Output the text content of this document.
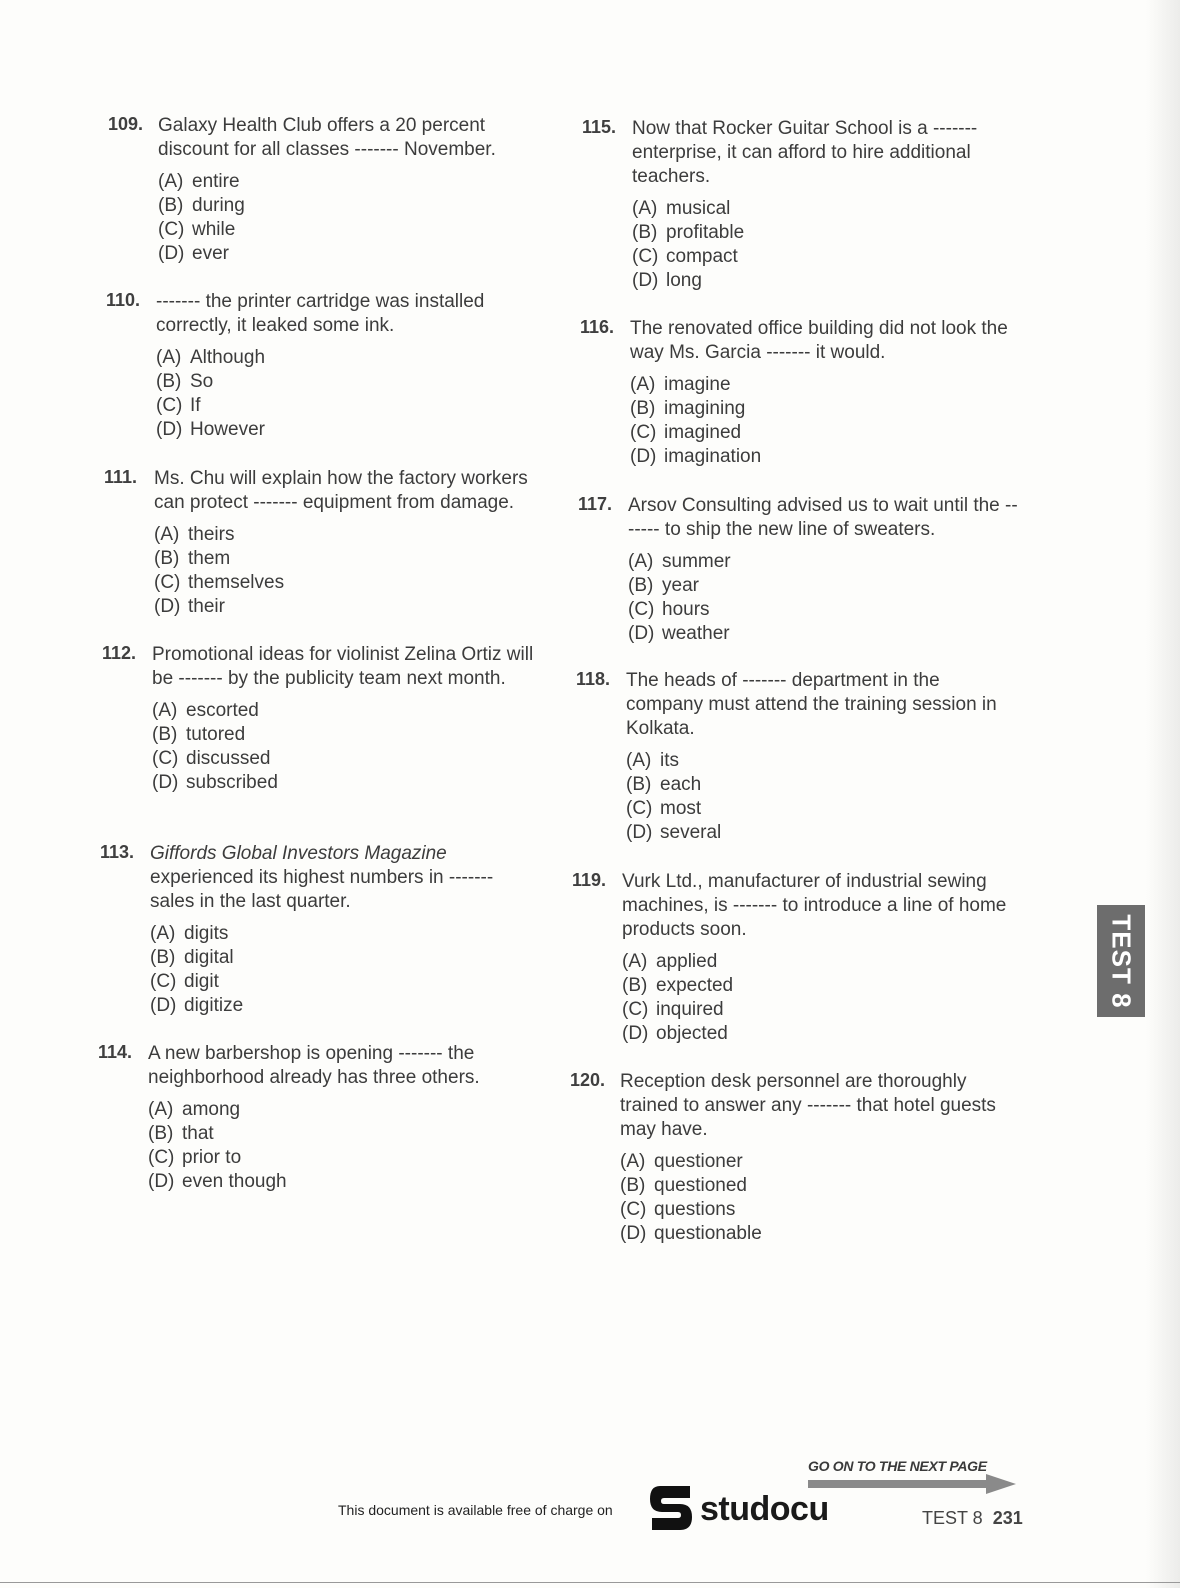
109. Galaxy Health Club offers a 20 percent discount for all classes ------- November.
(A) entire
(B) during
(C) while
(D) ever
110. ------- the printer cartridge was installed correctly, it leaked some ink.
(A) Although
(B) So
(C) If
(D) However
111. Ms. Chu will explain how the factory workers can protect ------- equipment from damage.
(A) theirs
(B) them
(C) themselves
(D) their
112. Promotional ideas for violinist Zelina Ortiz will be ------- by the publicity team next month.
(A) escorted
(B) tutored
(C) discussed
(D) subscribed
113. Giffords Global Investors Magazine
experienced its highest numbers in ------- sales in the last quarter.
(A) digits
(B) digital
(C) digit
(D) digitize
114. A new barbershop is opening ------- the neighborhood already has three others.
(A) among
(B) that
(C) prior to
(D) even though
115. Now that Rocker Guitar School is a ------- enterprise, it can afford to hire additional teachers.
(A) musical
(B) profitable
(C) compact
(D) long
116. The renovated office building did not look the way Ms. Garcia ------- it would.
(A) imagine
(B) imagining
(C) imagined
(D) imagination
117. Arsov Consulting advised us to wait until the ------- to ship the new line of sweaters.
(A) summer
(B) year
(C) hours
(D) weather
118. The heads of ------- department in the company must attend the training session in Kolkata.
(A) its
(B) each
(C) most
(D) several
119. Vurk Ltd., manufacturer of industrial sewing machines, is ------- to introduce a line of home products soon.
(A) applied
(B) expected
(C) inquired
(D) objected
120. Reception desk personnel are thoroughly trained to answer any ------- that hotel guests may have.
(A) questioner
(B) questioned
(C) questions
(D) questionable
TEST 8
GO ON TO THE NEXT PAGE
This document is available free of charge on	studocu	TEST 8 231
